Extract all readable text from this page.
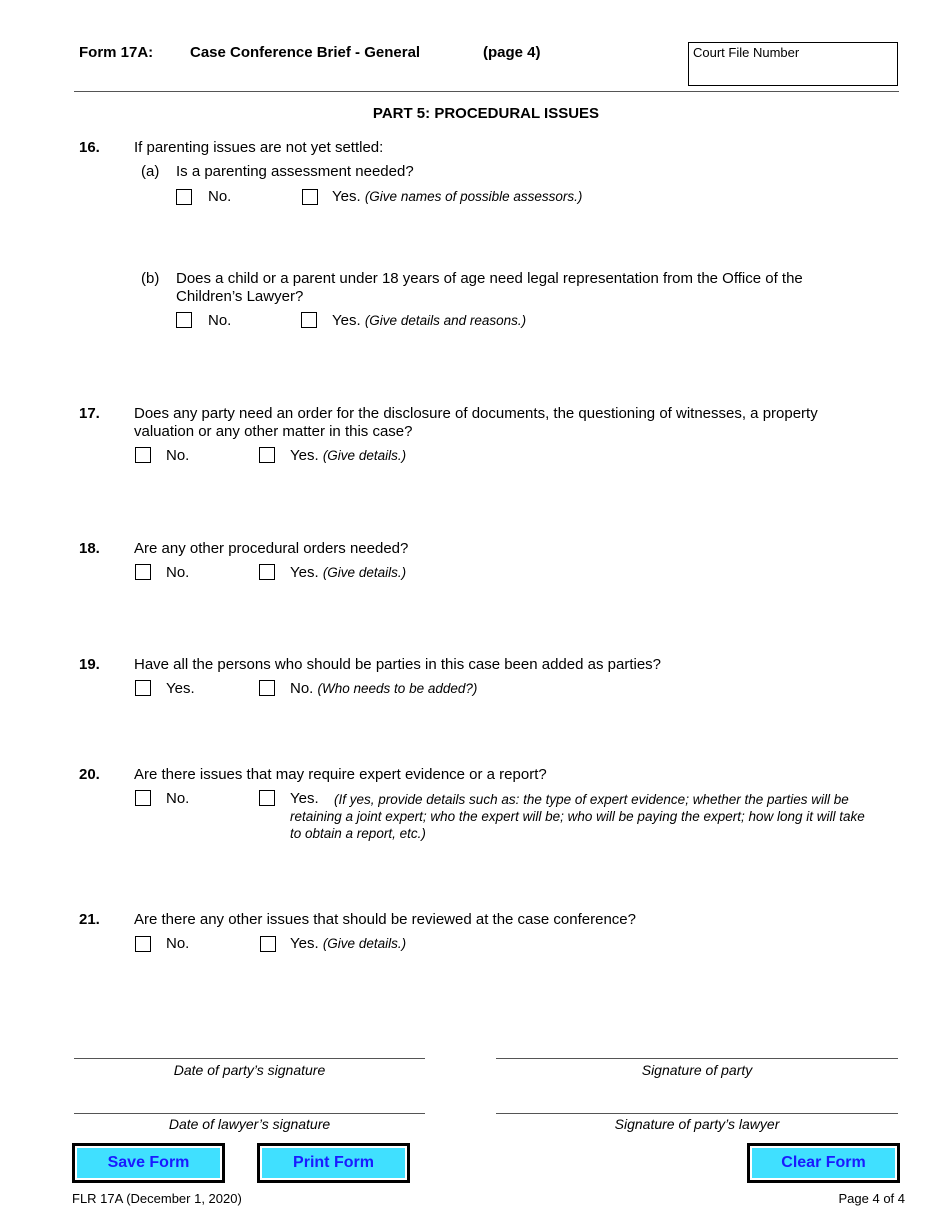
Form 17A: Case Conference Brief - General	(page 4)	Court File Number
PART 5: PROCEDURAL ISSUES
16. If parenting issues are not yet settled:
(a) Is a parenting assessment needed?
No.	Yes. (Give names of possible assessors.)
(b) Does a child or a parent under 18 years of age need legal representation from the Office of the
Children’s Lawyer?
No.	Yes. (Give details and reasons.)
17. Does any party need an order for the disclosure of documents, the questioning of witnesses, a property
valuation or any other matter in this case?
No.	Yes. (Give details.)
18. Are any other procedural orders needed?
No.	Yes. (Give details.)
19. Have all the persons who should be parties in this case been added as parties?
Yes.	No. (Who needs to be added?)
20. Are there issues that may require expert evidence or a report?
No.	Yes. (If yes, provide details such as: the type of expert evidence; whether the parties will be
retaining a joint expert; who the expert will be; who will be paying the expert; how long it will take
to obtain a report, etc.)
21. Are there any other issues that should be reviewed at the case conference?
No.	Yes. (Give details.)
Date of party’s signature	Signature of party
Date of lawyer’s signature	Signature of party’s lawyer
Save Form	Print Form	Clear Form
FLR 17A (December 1, 2020)	Page 4 of 4
